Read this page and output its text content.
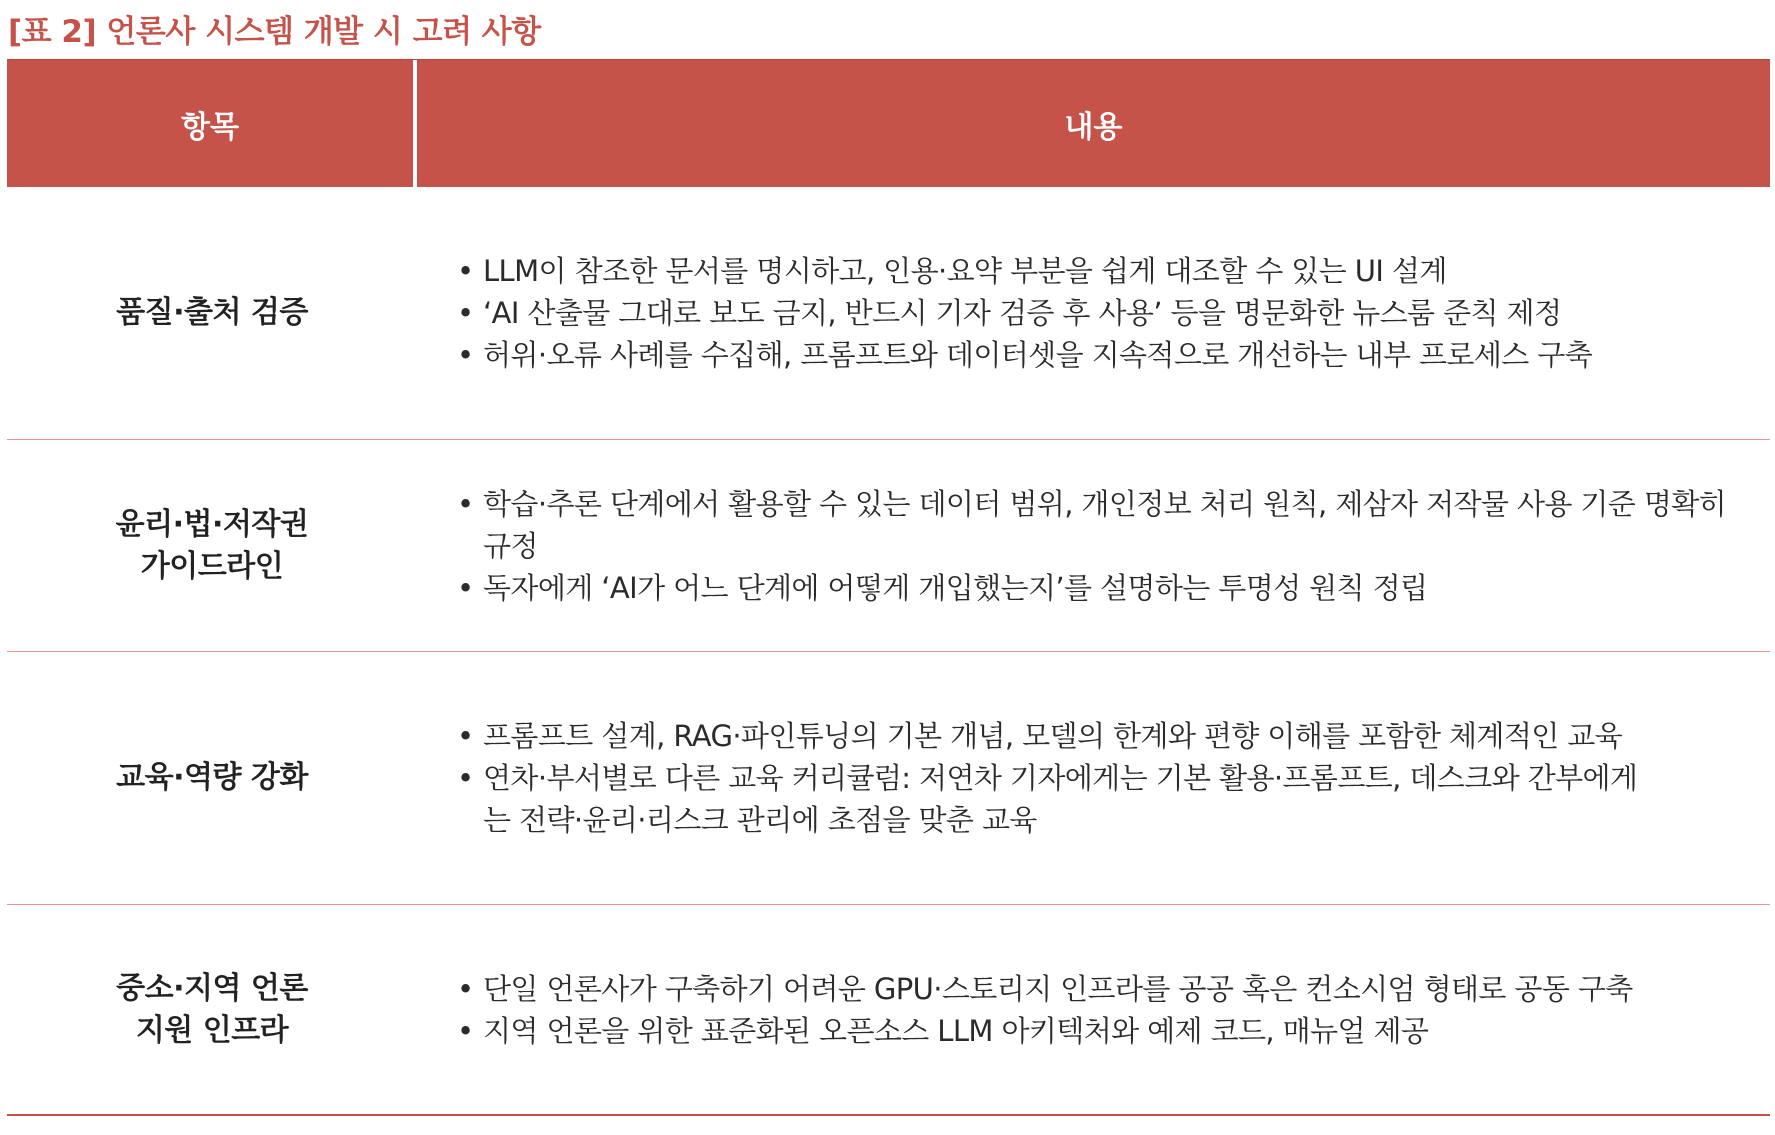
[표 2] 언론사 시스템 개발 시 고려 사항
항목	내용
품질·출처 검증
• LLM이 참조한 문서를 명시하고, 인용·요약 부분을 쉽게 대조할 수 있는 UI 설계
• ‘AI 산출물 그대로 보도 금지, 반드시 기자 검증 후 사용’ 등을 명문화한 뉴스룸 준칙 제정
• 허위·오류 사례를 수집해, 프롬프트와 데이터셋을 지속적으로 개선하는 내부 프로세스 구축
윤리·법·저작권
가이드라인
• 학습·추론 단계에서 활용할 수 있는 데이터 범위, 개인정보 처리 원칙, 제삼자 저작물 사용 기준 명확히 규정
• 독자에게 ‘AI가 어느 단계에 어떻게 개입했는지’를 설명하는 투명성 원칙 정립
교육·역량 강화
• 프롬프트 설계, RAG·파인튜닝의 기본 개념, 모델의 한계와 편향 이해를 포함한 체계적인 교육
• 연차·부서별로 다른 교육 커리큘럼: 저연차 기자에게는 기본 활용·프롬프트, 데스크와 간부에게는 전략·윤리·리스크 관리에 초점을 맞춘 교육
중소·지역 언론
지원 인프라
• 단일 언론사가 구축하기 어려운 GPU·스토리지 인프라를 공공 혹은 컨소시엄 형태로 공동 구축
• 지역 언론을 위한 표준화된 오픈소스 LLM 아키텍처와 예제 코드, 매뉴얼 제공
